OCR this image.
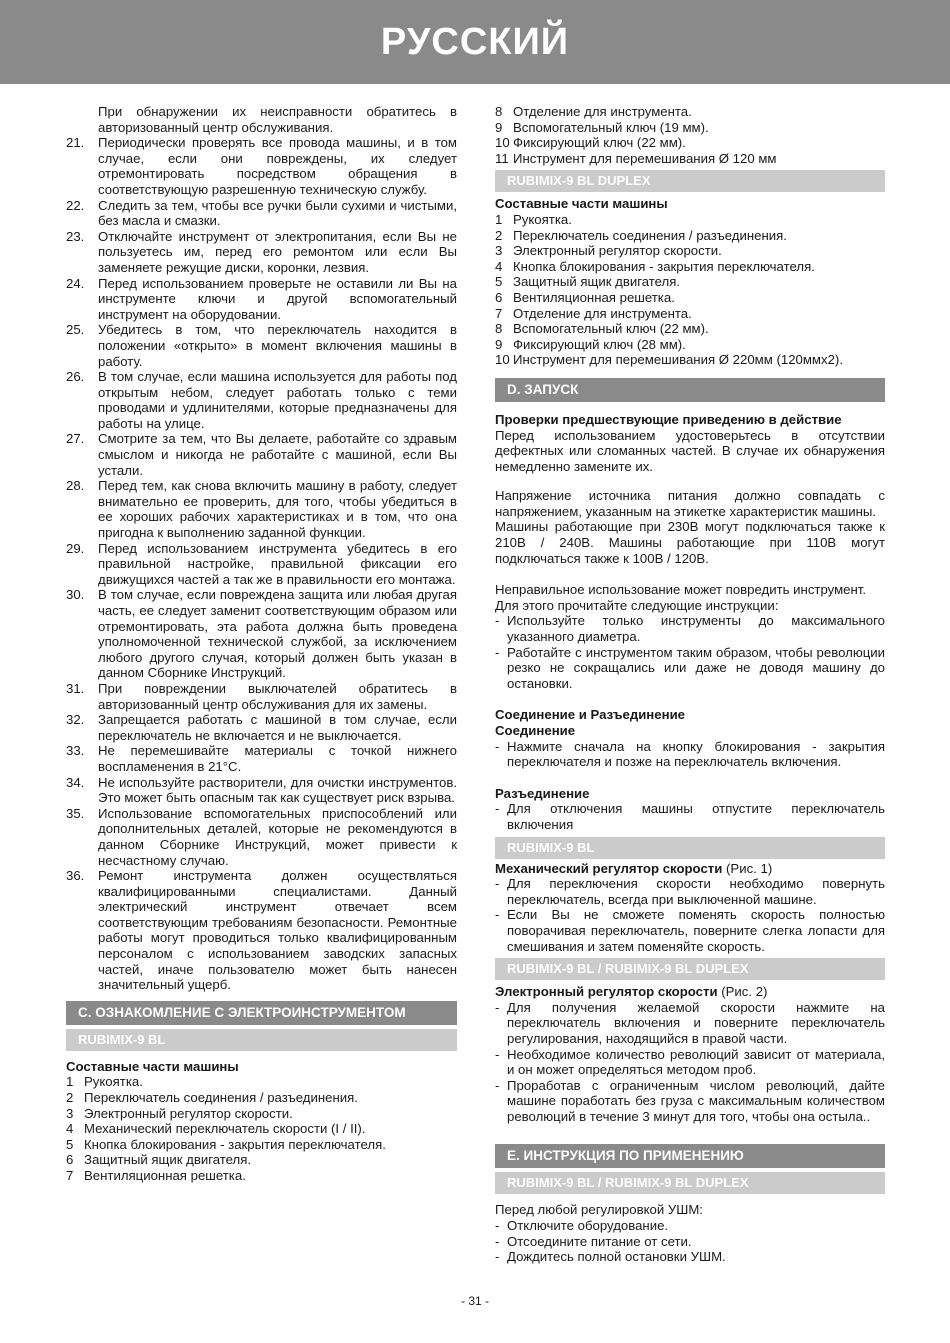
РУССКИЙ

При обнаружении их неисправности обратитесь в авторизованный центр обслуживания.

21.	Периодически проверять все провода машины, и в том случае, если они повреждены, их следует отремонтировать посредством обращения в соответствующую разрешенную техническую службу.
22.	Следить за тем, чтобы все ручки были сухими и чистыми, без масла и смазки.
23.	Отключайте инструмент от электропитания, если Вы не пользуетесь им, перед его ремонтом или если Вы заменяете режущие диски, коронки, лезвия.
24.	Перед использованием проверьте не оставили ли Вы на инструменте ключи и другой вспомогательный инструмент на оборудовании.
25.	Убедитесь в том, что переключатель находится в положении «открыто» в момент включения машины в работу.
26.	В том случае, если машина используется для работы под открытым небом, следует работать только с теми проводами и удлинителями, которые предназначены для работы на улице.
27.	Смотрите за тем, что Вы делаете, работайте со здравым смыслом и никогда не работайте с машиной, если Вы устали.
28.	Перед тем, как снова включить машину в работу, следует внимательно ее проверить, для того, чтобы убедиться в ее хороших рабочих характеристиках и в том, что она пригодна к выполнению заданной функции.
29.	Перед использованием инструмента убедитесь в его правильной настройке, правильной фиксации его движущихся частей а так же в правильности его монтажа.
30.	В том случае, если повреждена защита или любая другая часть, ее следует заменит соответствующим образом или отремонтировать, эта работа должна быть проведена уполномоченной технической службой, за исключением любого другого случая, который должен быть указан в данном Сборнике Инструкций.
31.	При повреждении выключателей обратитесь в авторизованный центр обслуживания для их замены.
32.	Запрещается работать с машиной в том случае, если переключатель не включается и не выключается.
33.	Не перемешивайте материалы с точкой нижнего воспламенения в 21°С.
34.	Не используйте растворители, для очистки инструментов. Это может быть опасным так как существует риск взрыва.
35.	Использование вспомогательных приспособлений или дополнительных деталей, которые не рекомендуются в данном Сборнике Инструкций, может привести к несчастному случаю.
36.	Ремонт инструмента должен осуществляться квалифицированными специалистами. Данный электрический инструмент отвечает всем соответствующим требованиям безопасности. Ремонтные работы могут проводиться только квалифицированным персоналом с использованием заводских запасных частей, иначе пользователю может быть нанесен значительный ущерб.
C. ОЗНАКОМЛЕНИЕ С ЭЛЕКТРОИНСТРУМЕНТОМ
RUBIMIX-9 BL
Составные части машины
1 Рукоятка.
2 Переключатель соединения / разъединения.
3 Электронный регулятор скорости.
4 Механический переключатель скорости (I / II).
5 Кнопка блокирования - закрытия переключателя.
6 Защитный ящик двигателя.
7 Вентиляционная решетка.
8 Отделение для инструмента.
9 Вспомогательный ключ (19 мм).
10 Фиксирующий ключ (22 мм).
11 Инструмент для перемешивания Ø 120 мм
RUBIMIX-9 BL DUPLEX
Составные части машины
1 Рукоятка.
2 Переключатель соединения / разъединения.
3 Электронный регулятор скорости.
4 Кнопка блокирования - закрытия переключателя.
5 Защитный ящик двигателя.
6 Вентиляционная решетка.
7 Отделение для инструмента.
8 Вспомогательный ключ (22 мм).
9 Фиксирующий ключ (28 мм).
10 Инструмент для перемешивания Ø 220мм (120ммх2).
D. ЗАПУСК
Проверки предшествующие приведению в действие

Перед использованием удостоверьтесь в отсутствии дефектных или сломанных частей. В случае их обнаружения немедленно замените их.

Напряжение источника питания должно совпадать с напряжением, указанным на этикетке характеристик машины.

Машины работающие при 230В могут подключаться также к 210В / 240В. Машины работающие при 110В могут подключаться также к 100В / 120В.

Неправильное использование может повредить инструмент.

Для этого прочитайте следующие инструкции:

- Используйте только инструменты до максимального указанного диаметра.
- Работайте с инструментом таким образом, чтобы революции резко не сокращались или даже не доводя машину до остановки.
Соединение и Разъединение
Соединение
- Нажмите сначала на кнопку блокирования - закрытия переключателя и позже на переключатель включения.
Разъединение
- Для отключения машины отпустите переключатель включения
RUBIMIX-9 BL
Механический регулятор скорости (Рис. 1)
- Для переключения скорости необходимо повернуть переключатель, всегда при выключенной машине.
- Если Вы не сможете поменять скорость полностью поворачивая переключатель, поверните слегка лопасти для смешивания и затем поменяйте скорость.
RUBIMIX-9 BL / RUBIMIX-9 BL DUPLEX
Электронный регулятор скорости (Рис. 2)
- Для получения желаемой скорости нажмите на переключатель включения и поверните переключатель регулирования, находящийся в правой части.
- Необходимое количество революций зависит от материала, и он может определяться методом проб.
- Проработав с ограниченным числом революций, дайте машине поработать без груза с максимальным количеством революций в течение 3 минут для того, чтобы она остыла..
E. ИНСТРУКЦИЯ ПО ПРИМЕНЕНИЮ
RUBIMIX-9 BL / RUBIMIX-9 BL DUPLEX

Перед любой регулировкой УШМ:

- Отключите оборудование.
- Отсоедините питание от сети.
- Дождитесь полной остановки УШМ.
- 31 -
